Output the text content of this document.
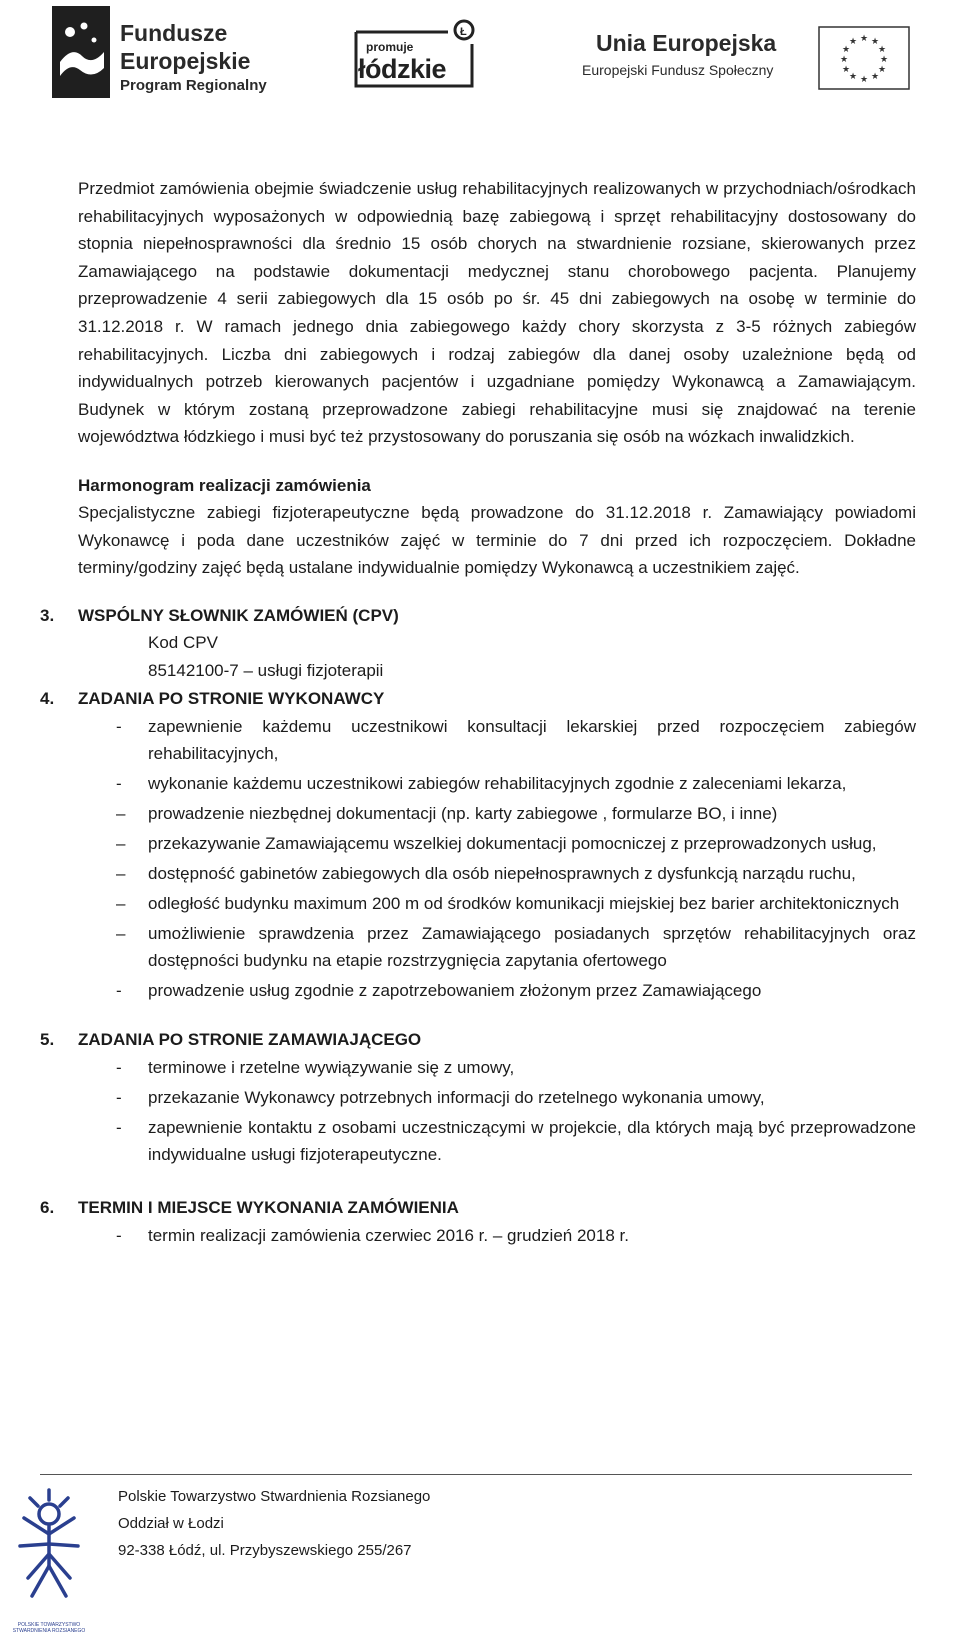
Fundusze
Europejskie
Program Regionalny
Ł
promuje
łódzkie
Unia Europejska
Europejski Fundusz Społeczny
★ ★
★
★
★
★
★
★
★
★
★
★

Przedmiot zamówienia obejmie świadczenie usług rehabilitacyjnych realizowanych w przychodniach/ośrodkach rehabilitacyjnych wyposażonych w odpowiednią bazę zabiegową i sprzęt rehabilitacyjny dostosowany do stopnia niepełnosprawności dla średnio 15 osób chorych na stwardnienie rozsiane, skierowanych przez Zamawiającego na podstawie dokumentacji medycznej stanu chorobowego pacjenta. Planujemy przeprowadzenie 4 serii zabiegowych dla 15 osób po śr. 45 dni zabiegowych na osobę w terminie do 31.12.2018 r. W ramach jednego dnia zabiegowego każdy chory skorzysta z 3-5 różnych zabiegów rehabilitacyjnych. Liczba dni zabiegowych i rodzaj zabiegów dla danej osoby uzależnione będą od indywidualnych potrzeb kierowanych pacjentów i uzgadniane pomiędzy Wykonawcą a Zamawiającym. Budynek w którym zostaną przeprowadzone zabiegi rehabilitacyjne musi się znajdować na terenie województwa łódzkiego i musi być też przystosowany do poruszania się osób na wózkach inwalidzkich.

Harmonogram realizacji zamówienia

Specjalistyczne zabiegi fizjoterapeutyczne będą prowadzone do 31.12.2018 r. Zamawiający powiadomi Wykonawcę i poda dane uczestników zajęć w terminie do 7 dni przed ich rozpoczęciem. Dokładne terminy/godziny zajęć będą ustalane indywidualnie pomiędzy Wykonawcą a uczestnikiem zajęć.

3. WSPÓLNY SŁOWNIK ZAMÓWIEŃ (CPV)
Kod CPV
85142100-7 – usługi fizjoterapii
4. ZADANIA PO STRONIE WYKONAWCY
- zapewnienie każdemu uczestnikowi konsultacji lekarskiej przed rozpoczęciem zabiegów rehabilitacyjnych,
- wykonanie każdemu uczestnikowi zabiegów rehabilitacyjnych zgodnie z zaleceniami lekarza,
– prowadzenie niezbędnej dokumentacji (np. karty zabiegowe , formularze BO, i inne)
– przekazywanie Zamawiającemu wszelkiej dokumentacji pomocniczej z przeprowadzonych usług,
– dostępność gabinetów zabiegowych dla osób niepełnosprawnych z dysfunkcją narządu ruchu,
– odległość budynku maximum 200 m od środków komunikacji miejskiej bez barier architektonicznych
– umożliwienie sprawdzenia przez Zamawiającego posiadanych sprzętów rehabilitacyjnych oraz dostępności budynku na etapie rozstrzygnięcia zapytania ofertowego
- prowadzenie usług zgodnie z zapotrzebowaniem złożonym przez Zamawiającego
5. ZADANIA PO STRONIE ZAMAWIAJĄCEGO
- terminowe i rzetelne wywiązywanie się z umowy,
- przekazanie Wykonawcy potrzebnych informacji do rzetelnego wykonania umowy,
- zapewnienie kontaktu z osobami uczestniczącymi w projekcie, dla których mają być przeprowadzone indywidualne usługi fizjoterapeutyczne.
6. TERMIN I MIEJSCE WYKONANIA ZAMÓWIENIA
- termin realizacji zamówienia czerwiec 2016 r. – grudzień 2018 r.
POLSKIE TOWARZYSTWO
STWARDNIENIA ROZSIANEGO
Polskie Towarzystwo Stwardnienia Rozsianego
Oddział w Łodzi
92-338 Łódź, ul. Przybyszewskiego 255/267
